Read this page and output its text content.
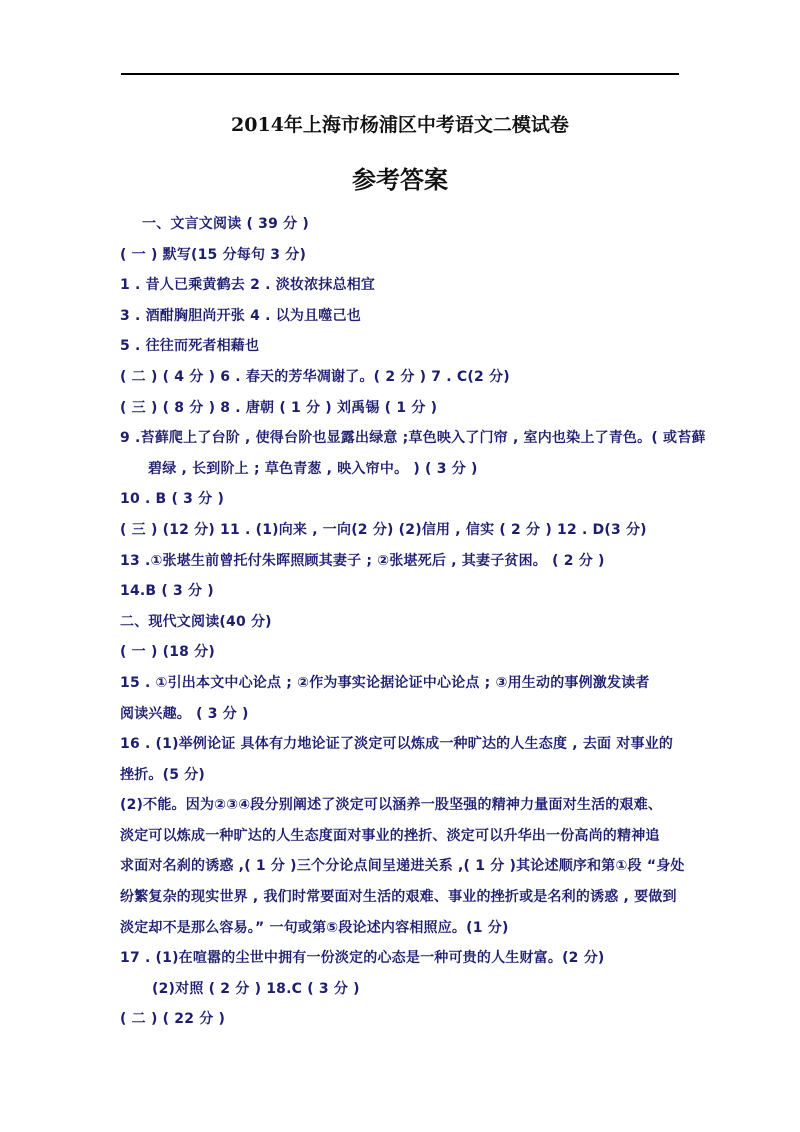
2014年上海市杨浦区中考语文二模试卷
参考答案
一、文言文阅读 ( 39 分 )
( 一 ) 默写(15 分每句 3 分)
1 . 昔人已乘黄鹤去 2 . 淡妆浓抹总相宜
3 . 酒酣胸胆尚开张 4 . 以为且噬己也
5 . 往往而死者相藉也
( 二 ) ( 4 分 ) 6 . 春天的芳华凋谢了。( 2 分 ) 7 . C(2 分)
( 三 ) ( 8 分 ) 8 . 唐朝 ( 1 分 ) 刘禹锡 ( 1 分 )
9 .苔藓爬上了台阶 , 使得台阶也显露出绿意 ;草色映入了门帘 , 室内也染上了青色。( 或苔藓
碧绿 , 长到阶上 ; 草色青葱 , 映入帘中。 ) ( 3 分 )
10 . B ( 3 分 )
( 三 ) (12 分) 11 . (1)向来 , 一向(2 分) (2)信用 , 信实 ( 2 分 ) 12 . D(3 分)
13 .①张堪生前曾托付朱晖照顾其妻子 ; ②张堪死后 , 其妻子贫困。 ( 2 分 )
14.B ( 3 分 )
二、现代文阅读(40 分)
( 一 ) (18 分)
15 . ①引出本文中心论点 ; ②作为事实论据论证中心论点 ; ③用生动的事例激发读者
阅读兴趣。 ( 3 分 )
16 . (1)举例论证 具体有力地论证了淡定可以炼成一种旷达的人生态度 , 去面 对事业的
挫折。(5 分)
(2)不能。因为②③④段分别阐述了淡定可以涵养一股坚强的精神力量面对生活的艰难、
淡定可以炼成一种旷达的人生态度面对事业的挫折、淡定可以升华出一份高尚的精神追
求面对名刹的诱惑 ,( 1 分 )三个分论点间呈递进关系 ,( 1 分 )其论述顺序和第①段 “身处
纷繁复杂的现实世界 , 我们时常要面对生活的艰难、事业的挫折或是名利的诱惑 , 要做到
淡定却不是那么容易。” 一句或第⑤段论述内容相照应。(1 分)
17 . (1)在喧嚣的尘世中拥有一份淡定的心态是一种可贵的人生财富。(2 分)
(2)对照 ( 2 分 ) 18.C ( 3 分 )
( 二 ) ( 22 分 )
